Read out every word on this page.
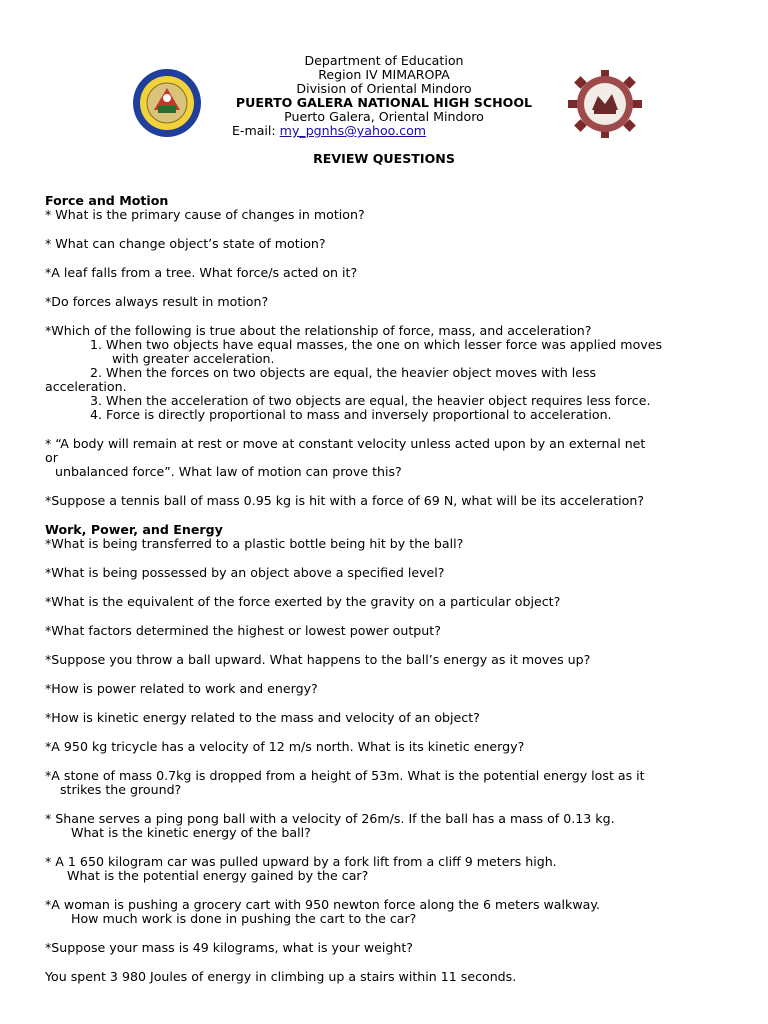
Department of Education
Region IV MIMAROPA
Division of Oriental Mindoro
PUERTO GALERA NATIONAL HIGH SCHOOL
Puerto Galera, Oriental Mindoro
E-mail: my_pgnhs@yahoo.com
REVIEW QUESTIONS

Force and Motion

* What is the primary cause of changes in motion?

* What can change object’s state of motion?

*A leaf falls from a tree. What force/s acted on it?

*Do forces always result in motion?

*Which of the following is true about the relationship of force, mass, and acceleration?

1. When two objects have equal masses, the one on which lesser force was applied moves

with greater acceleration.

2. When the forces on two objects are equal, the heavier object moves with less

acceleration.

3. When the acceleration of two objects are equal, the heavier object requires less force.

4. Force is directly proportional to mass and inversely proportional to acceleration.

* “A body will remain at rest or move at constant velocity unless acted upon by an external net

or

unbalanced force”. What law of motion can prove this?

*Suppose a tennis ball of mass 0.95 kg is hit with a force of 69 N, what will be its acceleration?

Work, Power, and Energy

*What is being transferred to a plastic bottle being hit by the ball?

*What is being possessed by an object above a specified level?

*What is the equivalent of the force exerted by the gravity on a particular object?

*What factors determined the highest or lowest power output?

*Suppose you throw a ball upward. What happens to the ball’s energy as it moves up?

*How is power related to work and energy?

*How is kinetic energy related to the mass and velocity of an object?

*A 950 kg tricycle has a velocity of 12 m/s north. What is its kinetic energy?

*A stone of mass 0.7kg is dropped from a height of 53m. What is the potential energy lost as it

strikes the ground?

* Shane serves a ping pong ball with a velocity of 26m/s. If the ball has a mass of 0.13 kg.

What is the kinetic energy of the ball?

* A 1 650 kilogram car was pulled upward by a fork lift from a cliff 9 meters high.

What is the potential energy gained by the car?

*A woman is pushing a grocery cart with 950 newton force along the 6 meters walkway.

How much work is done in pushing the cart to the car?

*Suppose your mass is 49 kilograms, what is your weight?

You spent 3 980 Joules of energy in climbing up a stairs within 11 seconds.
